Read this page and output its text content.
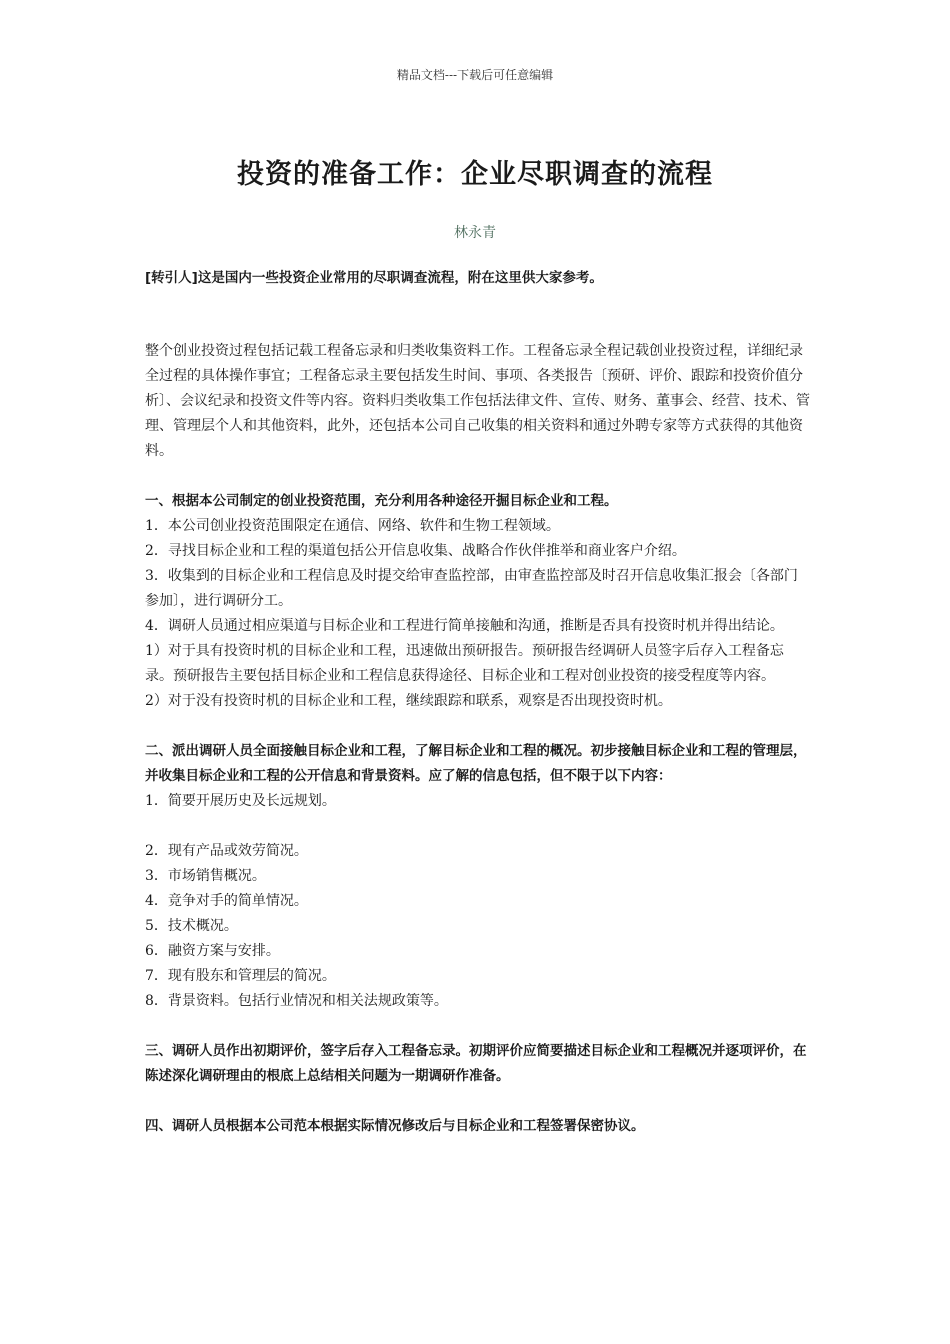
精品文档---下载后可任意编辑
投资的准备工作：企业尽职调查的流程
林永青

[转引人]这是国内一些投资企业常用的尽职调查流程，附在这里供大家参考。

整个创业投资过程包括记载工程备忘录和归类收集资料工作。工程备忘录全程记载创业投资过程，详细纪录全过程的具体操作事宜；工程备忘录主要包括发生时间、事项、各类报告〔预研、评价、跟踪和投资价值分析〕、会议纪录和投资文件等内容。资料归类收集工作包括法律文件、宣传、财务、董事会、经营、技术、管理、管理层个人和其他资料，此外，还包括本公司自己收集的相关资料和通过外聘专家等方式获得的其他资料。

一、根据本公司制定的创业投资范围，充分利用各种途径开掘目标企业和工程。

1．本公司创业投资范围限定在通信、网络、软件和生物工程领域。

2．寻找目标企业和工程的渠道包括公开信息收集、战略合作伙伴推举和商业客户介绍。

3．收集到的目标企业和工程信息及时提交给审查监控部，由审查监控部及时召开信息收集汇报会〔各部门参加〕，进行调研分工。

4．调研人员通过相应渠道与目标企业和工程进行简单接触和沟通，推断是否具有投资时机并得出结论。

1）对于具有投资时机的目标企业和工程，迅速做出预研报告。预研报告经调研人员签字后存入工程备忘录。预研报告主要包括目标企业和工程信息获得途径、目标企业和工程对创业投资的接受程度等内容。

2）对于没有投资时机的目标企业和工程，继续跟踪和联系，观察是否出现投资时机。

二、派出调研人员全面接触目标企业和工程，了解目标企业和工程的概况。初步接触目标企业和工程的管理层，并收集目标企业和工程的公开信息和背景资料。应了解的信息包括，但不限于以下内容：

1．简要开展历史及长远规划。

2．现有产品或效劳简况。

3．市场销售概况。

4．竞争对手的简单情况。

5．技术概况。

6．融资方案与安排。

7．现有股东和管理层的简况。

8．背景资料。包括行业情况和相关法规政策等。

三、调研人员作出初期评价，签字后存入工程备忘录。初期评价应简要描述目标企业和工程概况并逐项评价，在陈述深化调研理由的根底上总结相关问题为一期调研作准备。

四、调研人员根据本公司范本根据实际情况修改后与目标企业和工程签署保密协议。
